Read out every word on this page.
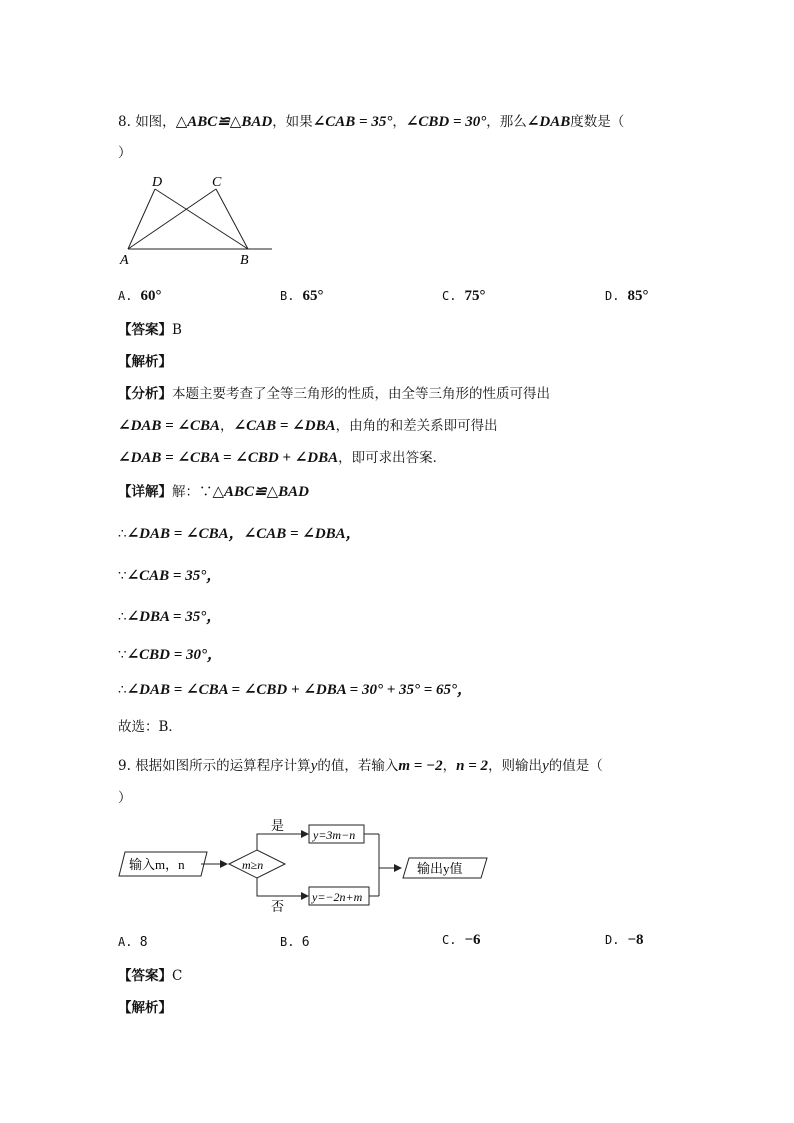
8. 如图，△ABC≌△BAD，如果∠CAB = 35°，∠CBD = 30°，那么∠DAB度数是（
）
D	C
A	B
A. 60°	B. 65°	C. 75°	D. 85°
【答案】B
【解析】
【分析】本题主要考查了全等三角形的性质，由全等三角形的性质可得出
∠DAB = ∠CBA，∠CAB = ∠DBA，由角的和差关系即可得出
∠DAB = ∠CBA = ∠CBD + ∠DBA，即可求出答案．
【详解】解：∵△ABC≌△BAD
∴∠DAB = ∠CBA，∠CAB = ∠DBA，
∵∠CAB = 35°，
∴∠DBA = 35°，
∵∠CBD = 30°，
∴∠DAB = ∠CBA = ∠CBD + ∠DBA = 30° + 35° = 65°，
故选：B．
9. 根据如图所示的运算程序计算y的值，若输入m = −2，n = 2，则输出y的值是（
）
输入m，n	m≥n
是
否
y=3m−n
y=−2n+m
输出y值
A. 8	B. 6	C. −6	D. −8
【答案】C
【解析】
